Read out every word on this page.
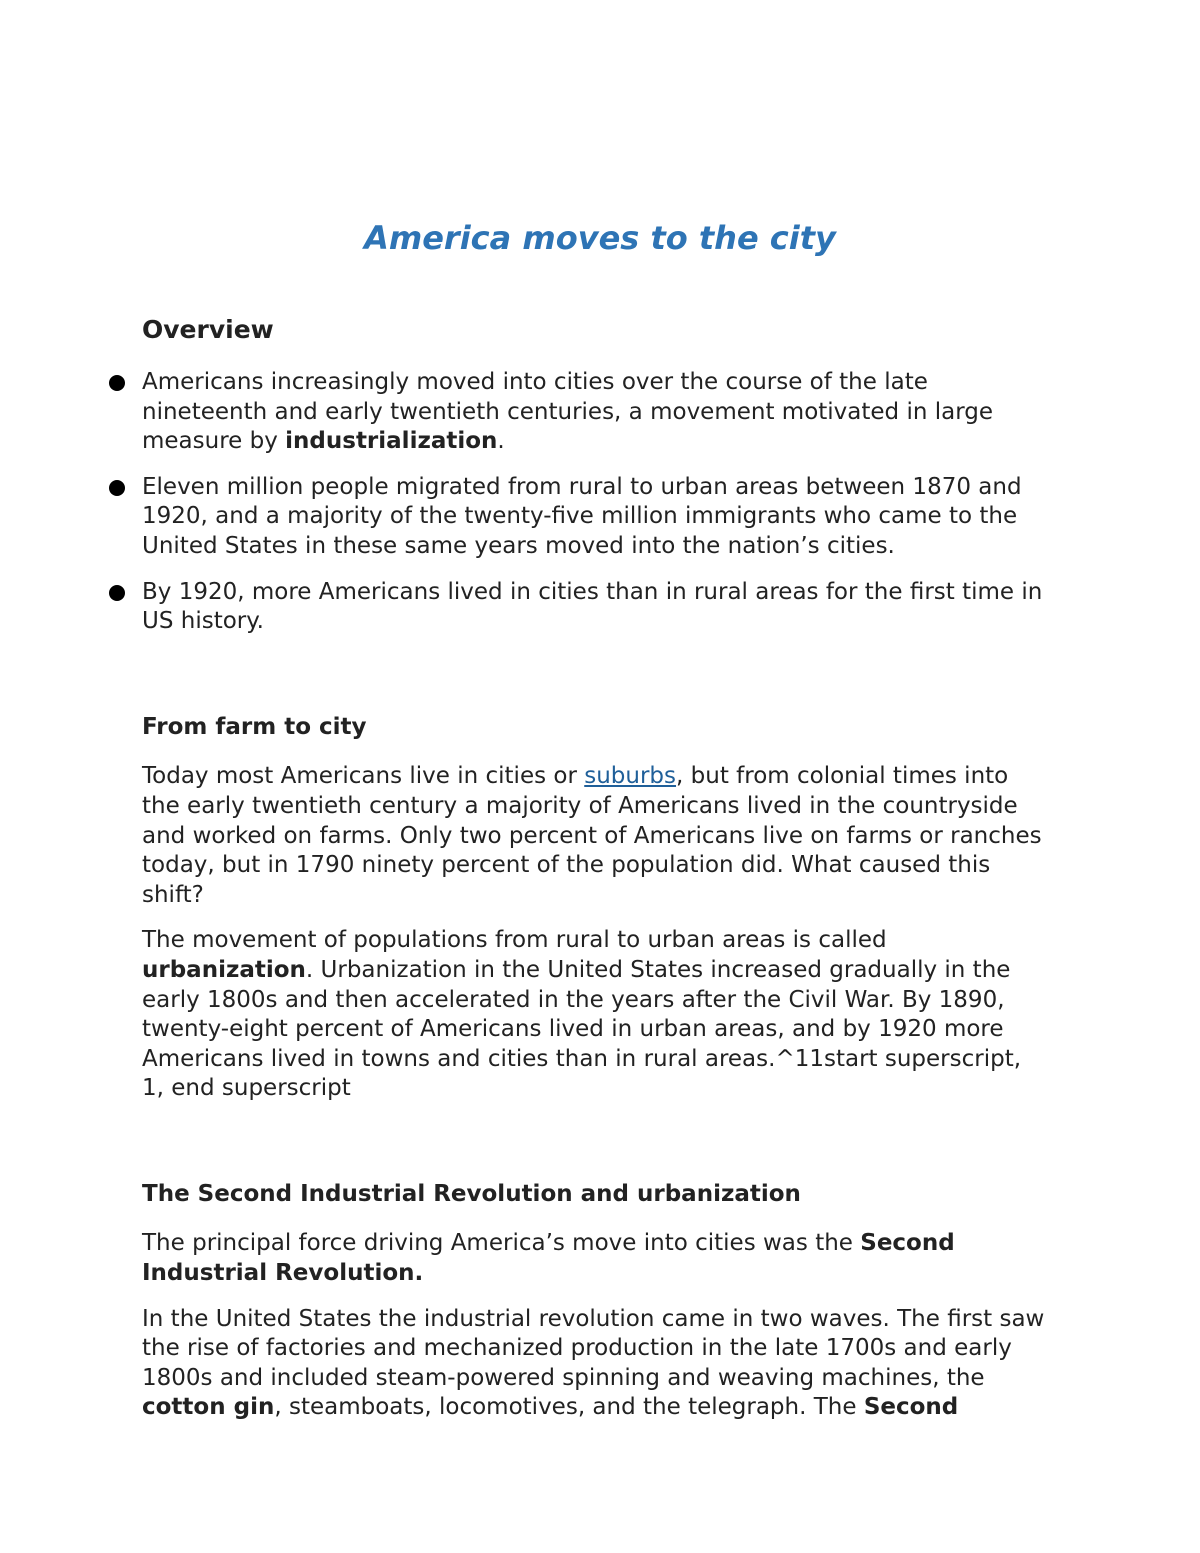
America moves to the city
Overview
Americans increasingly moved into cities over the course of the late nineteenth and early twentieth centuries, a movement motivated in large measure by industrialization.
Eleven million people migrated from rural to urban areas between 1870 and 1920, and a majority of the twenty-five million immigrants who came to the United States in these same years moved into the nation’s cities.
By 1920, more Americans lived in cities than in rural areas for the first time in US history.
From farm to city

Today most Americans live in cities or suburbs, but from colonial times into the early twentieth century a majority of Americans lived in the countryside and worked on farms. Only two percent of Americans live on farms or ranches today, but in 1790 ninety percent of the population did. What caused this shift?

The movement of populations from rural to urban areas is called urbanization. Urbanization in the United States increased gradually in the early 1800s and then accelerated in the years after the Civil War. By 1890, twenty-eight percent of Americans lived in urban areas, and by 1920 more Americans lived in towns and cities than in rural areas.^11start superscript, 1, end superscript

The Second Industrial Revolution and urbanization

The principal force driving America’s move into cities was the Second Industrial Revolution.

In the United States the industrial revolution came in two waves. The first saw the rise of factories and mechanized production in the late 1700s and early 1800s and included steam-powered spinning and weaving machines, the cotton gin, steamboats, locomotives, and the telegraph. The Second
